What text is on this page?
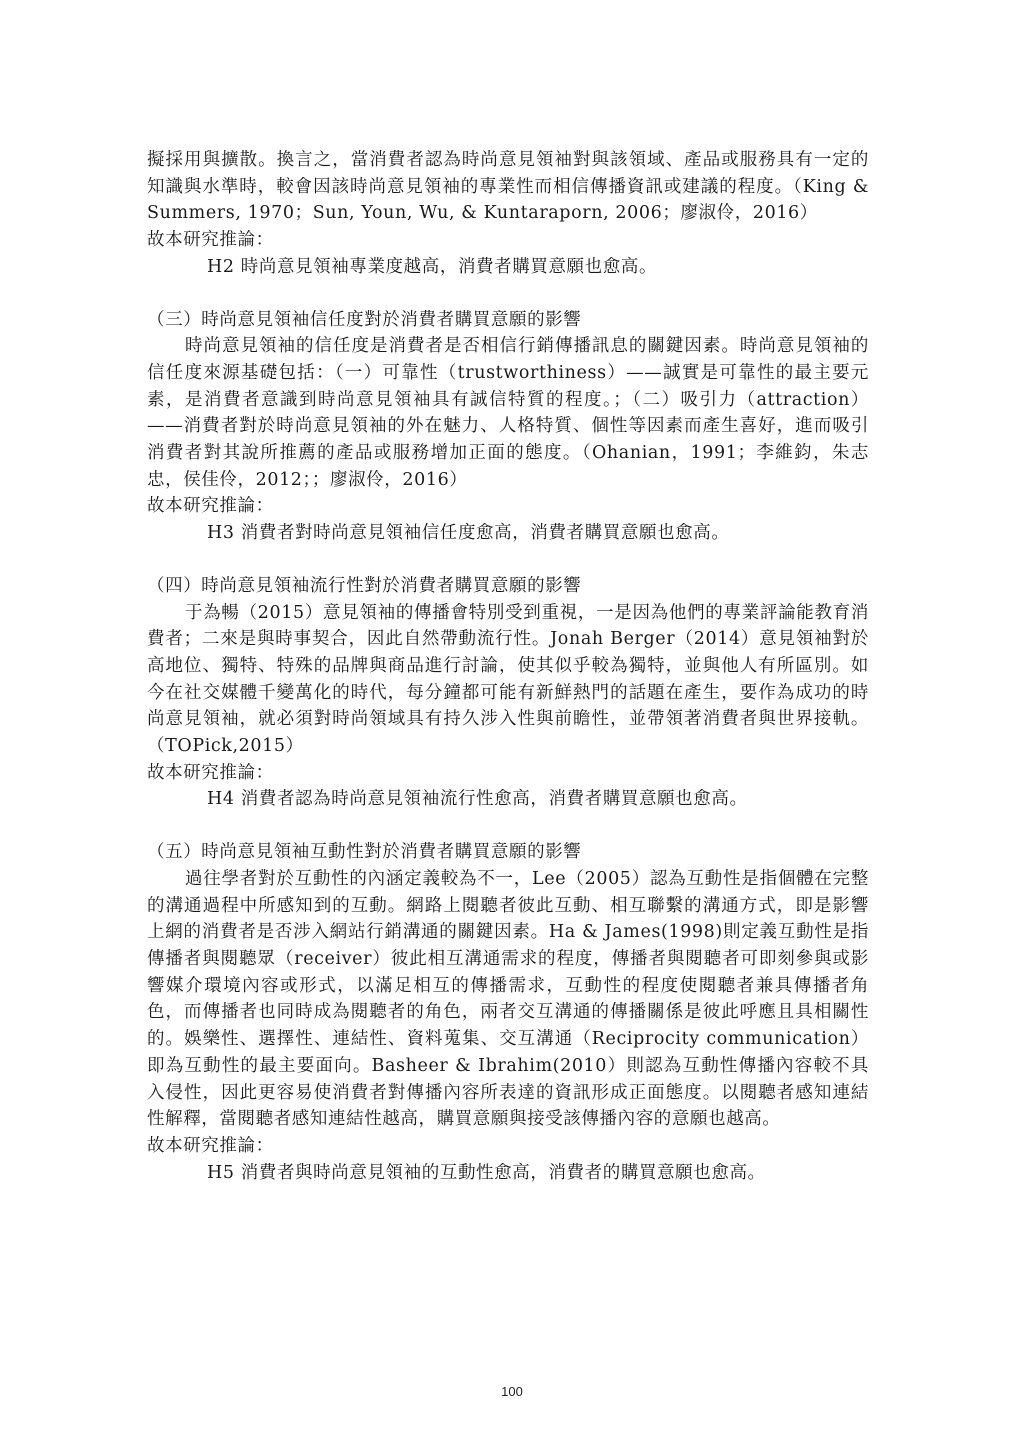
擬採用與擴散。換言之，當消費者認為時尚意見領袖對與該領域、產品或服務具有一定的知識與水準時，較會因該時尚意見領袖的專業性而相信傳播資訊或建議的程度。（King & Summers, 1970；Sun, Youn, Wu, & Kuntaraporn, 2006；廖淑伶，2016）

故本研究推論：

H2 時尚意見領袖專業度越高，消費者購買意願也愈高。

（三）時尚意見領袖信任度對於消費者購買意願的影響

時尚意見領袖的信任度是消費者是否相信行銷傳播訊息的關鍵因素。時尚意見領袖的信任度來源基礎包括：（一）可靠性（trustworthiness）——誠實是可靠性的最主要元素，是消費者意識到時尚意見領袖具有誠信特質的程度。；（二）吸引力（attraction）——消費者對於時尚意見領袖的外在魅力、人格特質、個性等因素而產生喜好，進而吸引消費者對其說所推薦的產品或服務增加正面的態度。（Ohanian，1991；李維鈞，朱志忠，侯佳伶，2012；；廖淑伶，2016）

故本研究推論：

H3 消費者對時尚意見領袖信任度愈高，消費者購買意願也愈高。

（四）時尚意見領袖流行性對於消費者購買意願的影響

于為暢（2015）意見領袖的傳播會特別受到重視，一是因為他們的專業評論能教育消費者；二來是與時事契合，因此自然帶動流行性。Jonah Berger（2014）意見領袖對於高地位、獨特、特殊的品牌與商品進行討論，使其似乎較為獨特，並與他人有所區別。如今在社交媒體千變萬化的時代，每分鐘都可能有新鮮熱門的話題在產生，要作為成功的時尚意見領袖，就必須對時尚領域具有持久涉入性與前瞻性，並帶領著消費者與世界接軌。（TOPick,2015）

故本研究推論：

H4 消費者認為時尚意見領袖流行性愈高，消費者購買意願也愈高。

（五）時尚意見領袖互動性對於消費者購買意願的影響

過往學者對於互動性的內涵定義較為不一，Lee（2005）認為互動性是指個體在完整的溝通過程中所感知到的互動。網路上閱聽者彼此互動、相互聯繫的溝通方式，即是影響上網的消費者是否涉入網站行銷溝通的關鍵因素。Ha & James(1998)則定義互動性是指傳播者與閱聽眾（receiver）彼此相互溝通需求的程度，傳播者與閱聽者可即刻參與或影響媒介環境內容或形式，以滿足相互的傳播需求，互動性的程度使閱聽者兼具傳播者角色，而傳播者也同時成為閱聽者的角色，兩者交互溝通的傳播關係是彼此呼應且具相關性的。娛樂性、選擇性、連結性、資料蒐集、交互溝通（Reciprocity communication）即為互動性的最主要面向。Basheer & Ibrahim(2010）則認為互動性傳播內容較不具入侵性，因此更容易使消費者對傳播內容所表達的資訊形成正面態度。以閱聽者感知連結性解釋，當閱聽者感知連結性越高，購買意願與接受該傳播內容的意願也越高。

故本研究推論：

H5 消費者與時尚意見領袖的互動性愈高，消費者的購買意願也愈高。

100
